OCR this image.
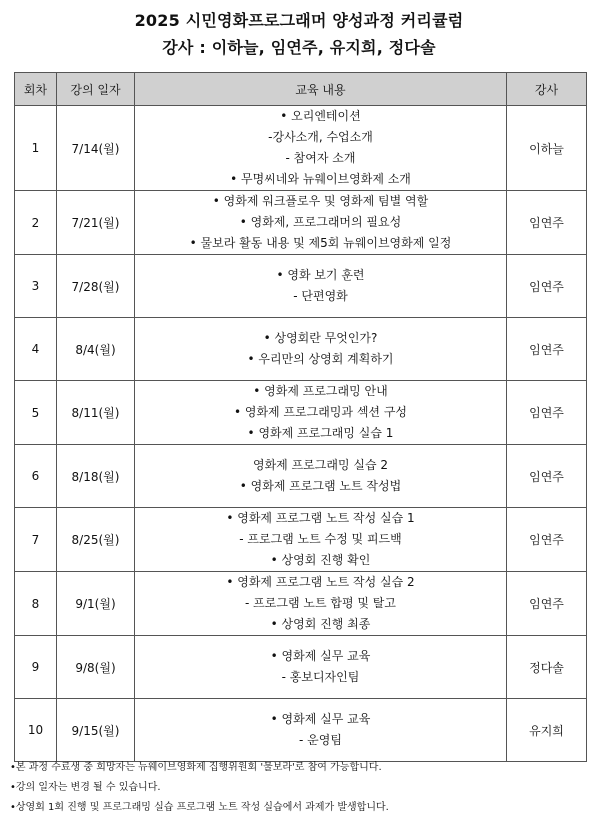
2025 시민영화프로그래머 양성과정 커리큘럼
강사 : 이하늘, 임연주, 유지희, 정다솔
회차	강의 일자	교육 내용	강사
1	7/14(월)	• 오리엔테이션
-강사소개, 수업소개
- 참여자 소개
• 무명씨네와 뉴웨이브영화제 소개	이하늘
2	7/21(월)	• 영화제 워크플로우 및 영화제 팀별 역할
• 영화제, 프로그래머의 필요성
• 물보라 활동 내용 및 제5회 뉴웨이브영화제 일정	임연주
3	7/28(월)	• 영화 보기 훈련
- 단편영화	임연주
4	8/4(월)	• 상영회란 무엇인가?
• 우리만의 상영회 계획하기	임연주
5	8/11(월)	• 영화제 프로그래밍 안내
• 영화제 프로그래밍과 섹션 구성
• 영화제 프로그래밍 실습 1	임연주
6	8/18(월)	영화제 프로그래밍 실습 2
• 영화제 프로그램 노트 작성법	임연주
7	8/25(월)	• 영화제 프로그램 노트 작성 실습 1
- 프로그램 노트 수정 및 피드백
• 상영회 진행 확인	임연주
8	9/1(월)	• 영화제 프로그램 노트 작성 실습 2
- 프로그램 노트 합평 및 탈고
• 상영회 진행 최종	임연주
9	9/8(월)	• 영화제 실무 교육
- 홍보디자인팀	정다솔
10	9/15(월)	• 영화제 실무 교육
- 운영팀	유지희
•본 과정 수료생 중 희망자는 뉴웨이브영화제 집행위원회 '물보라'로 참여 가능합니다.
•강의 일자는 변경 될 수 있습니다.
•상영회 1회 진행 및 프로그래밍 실습 프로그램 노트 작성 실습에서 과제가 발생합니다.
